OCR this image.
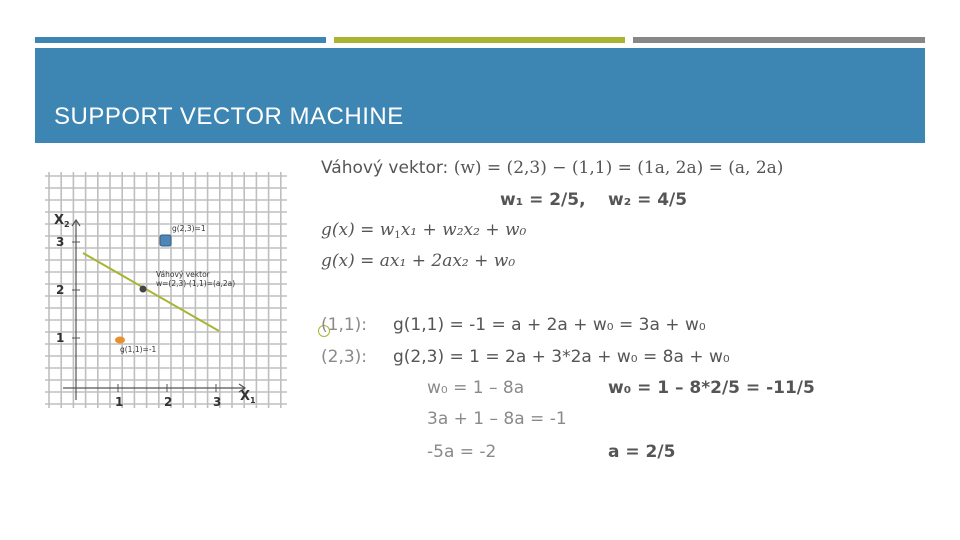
SUPPORT VECTOR MACHINE
g(2,3)=1
g(1,1)=-1
Váhový vektor
w=(2,3)-(1,1)=(a,2a)
$X_2$
$X_1$
1	2	3
1
2
3
Váhový vektor: (w) = (2,3) − (1,1) = (1a, 2a) = (a, 2a)
w₁ = 2/5, w₂ = 4/5
$g(x) = w_1x_1 + w_2x_2 + w_0$
g(x) = ax₁ + 2ax₂ + w₀
(1,1): g(1,1) = -1 = a + 2a + w₀ = 3a + w₀
(2,3): g(2,3) = 1 = 2a + 3*2a + w₀ = 8a + w₀
w₀ = 1 – 8a	w₀ = 1 – 8*2/5 = -11/5
3a + 1 – 8a = -1
-5a = -2	a = 2/5
